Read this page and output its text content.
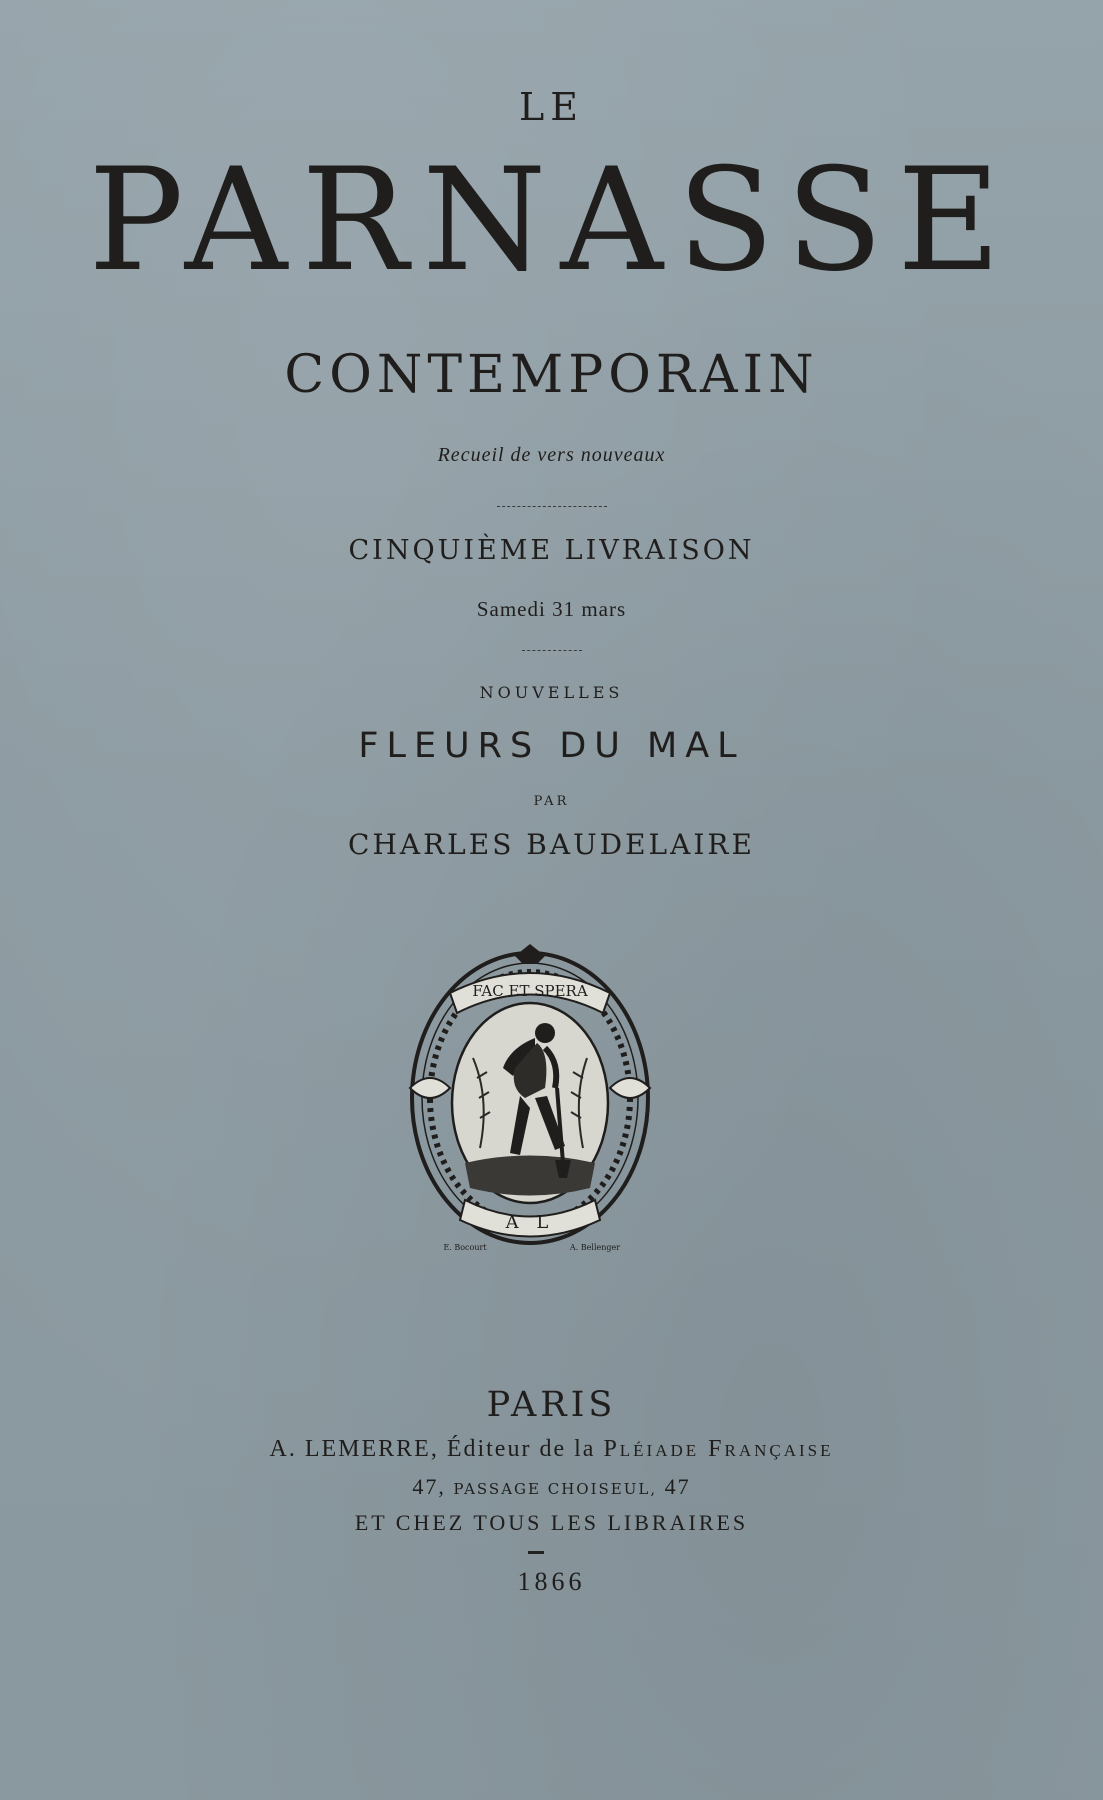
LE
PARNASSE
CONTEMPORAIN
Recueil de vers nouveaux
CINQUIÈME LIVRAISON
Samedi 31 mars
NOUVELLES
FLEURS DU MAL
PAR
CHARLES BAUDELAIRE
FAC ET SPERA
A L
E. Bocourt	A. Bellenger
PARIS
A. LEMERRE, Éditeur de la Pléiade Française
47, PASSAGE CHOISEUL, 47
ET CHEZ TOUS LES LIBRAIRES
1866
